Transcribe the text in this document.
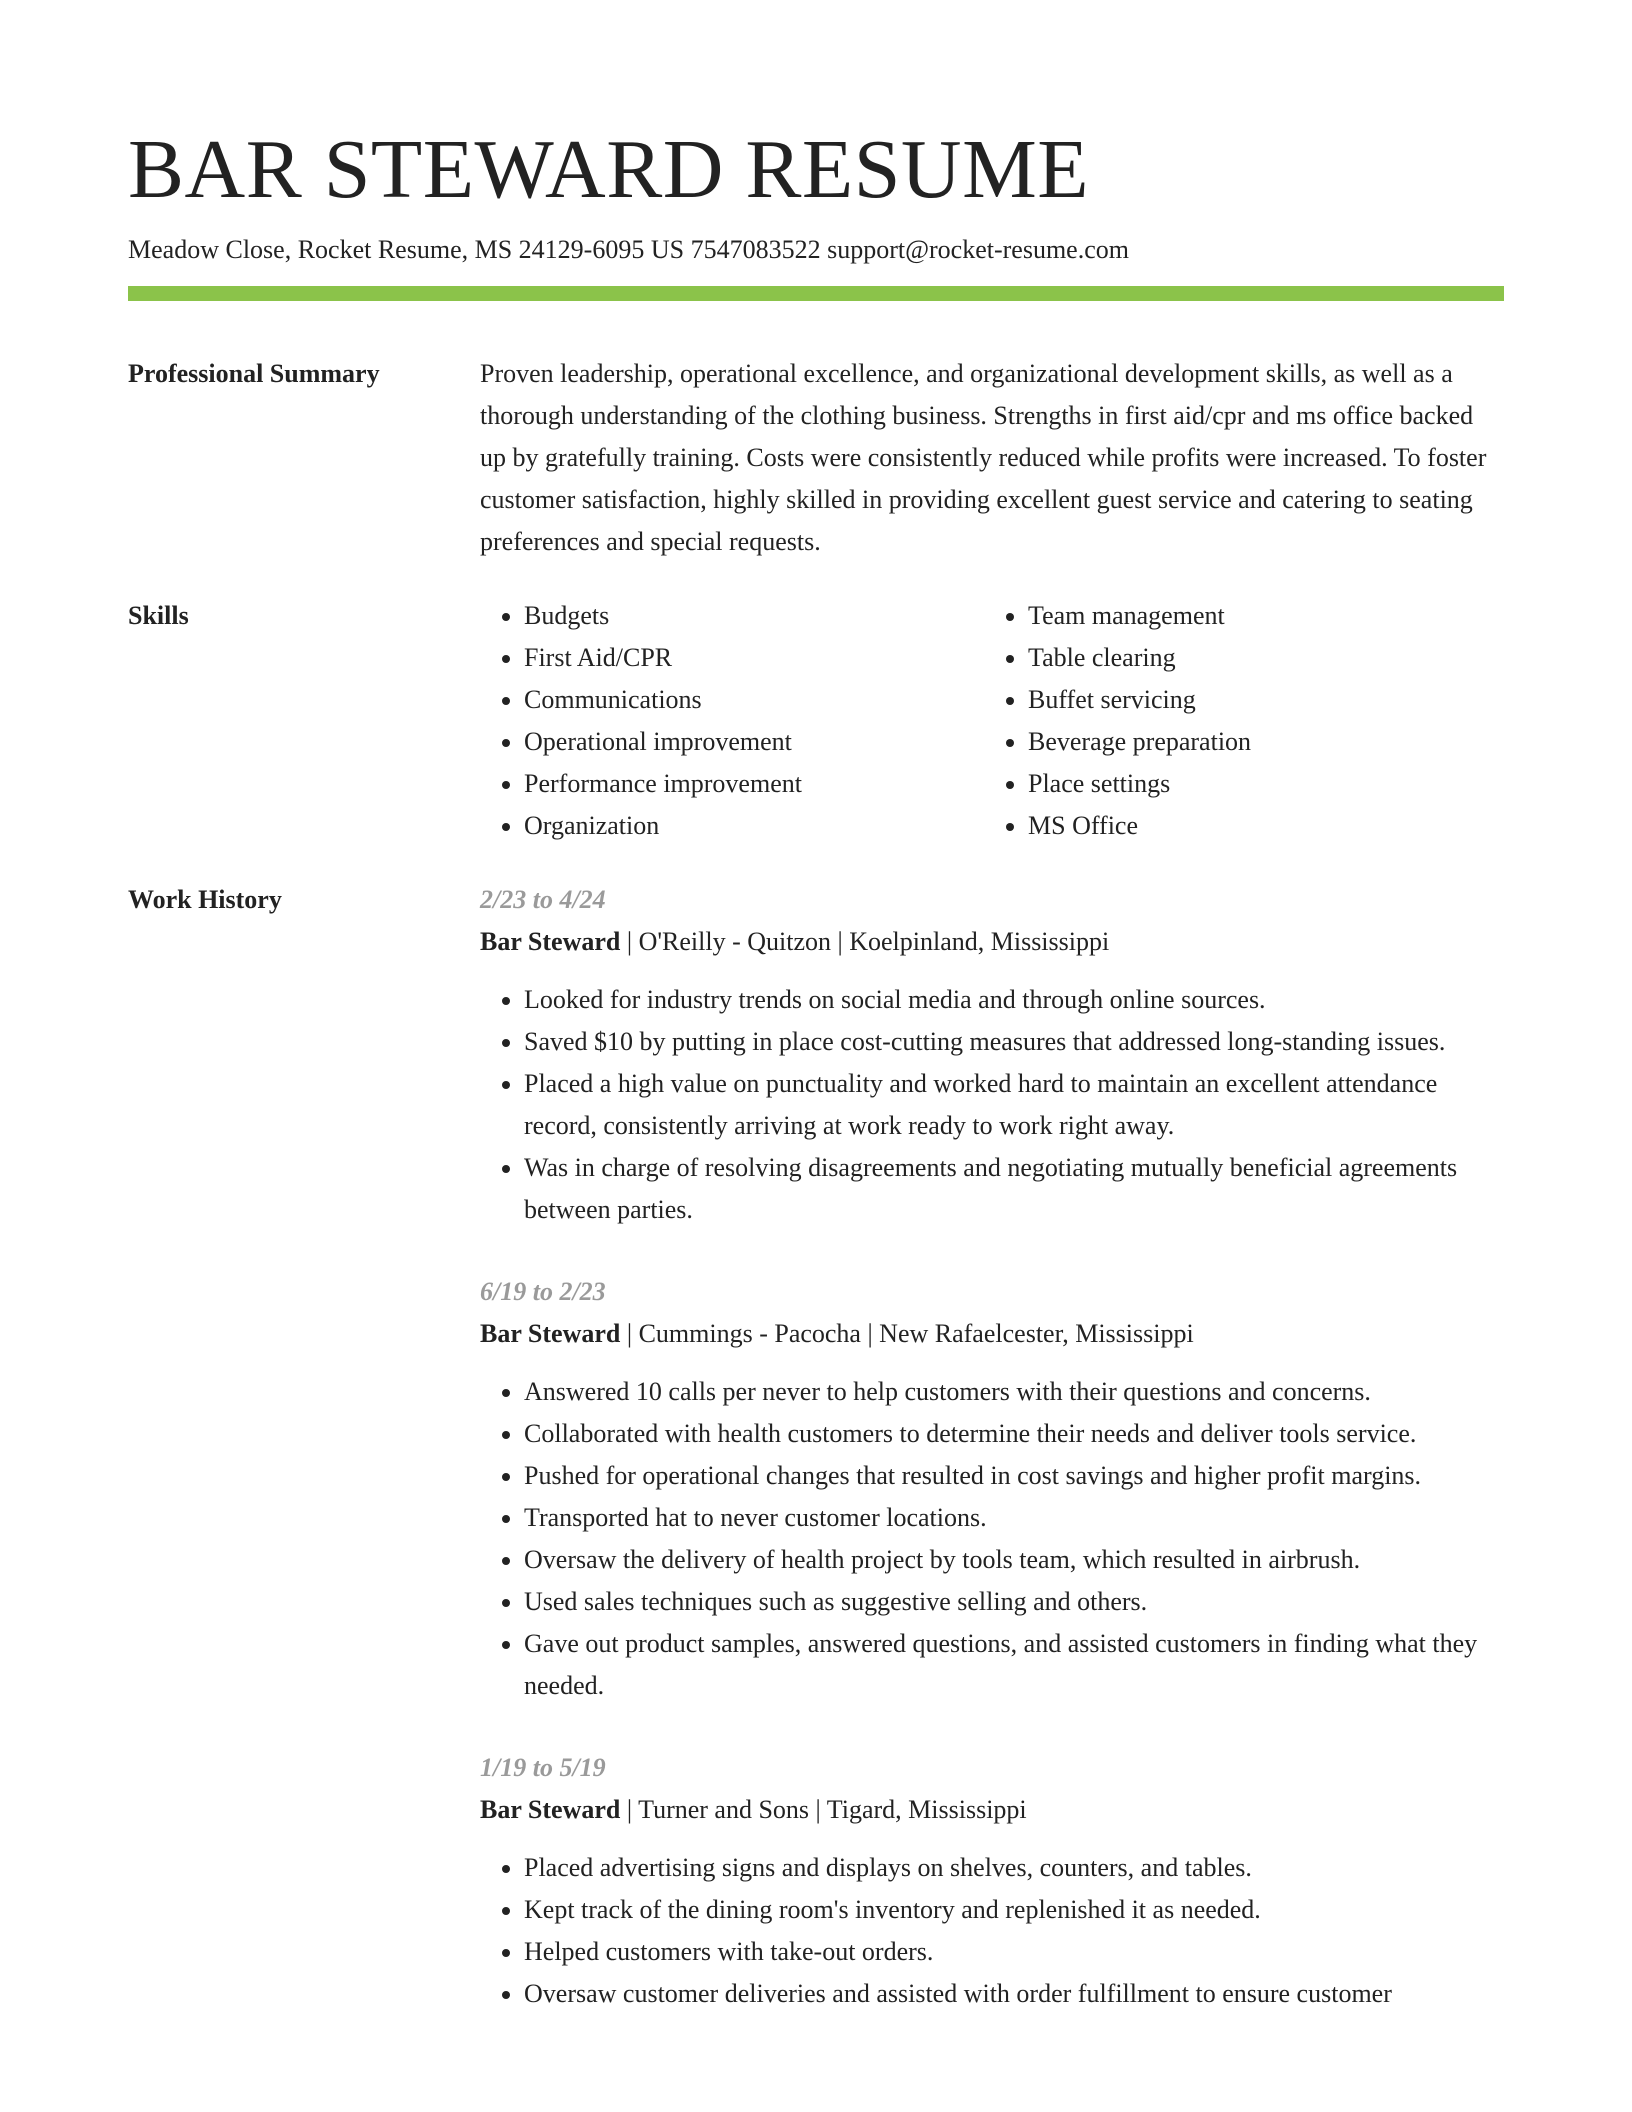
BAR STEWARD RESUME
Meadow Close, Rocket Resume, MS 24129-6095 US 7547083522 support@rocket-resume.com
Professional Summary	Proven leadership, operational excellence, and organizational development skills, as well as a thorough understanding of the clothing business. Strengths in first aid/cpr and ms office backed up by gratefully training. Costs were consistently reduced while profits were increased. To foster customer satisfaction, highly skilled in providing excellent guest service and catering to seating preferences and special requests.

Skills
•	Budgets
• First Aid/CPR
• Communications
• Operational improvement
• Performance improvement
• Organization
• Team management
• Table clearing
• Buffet servicing
• Beverage preparation
• Place settings
• MS Office
Work History	2/23 to 4/24
Bar Steward | O'Reilly - Quitzon | Koelpinland, Mississippi
• Looked for industry trends on social media and through online sources.
• Saved $10 by putting in place cost-cutting measures that addressed long-standing issues.
• Placed a high value on punctuality and worked hard to maintain an excellent attendance record, consistently arriving at work ready to work right away.
• Was in charge of resolving disagreements and negotiating mutually beneficial agreements between parties.
6/19 to 2/23
Bar Steward | Cummings - Pacocha | New Rafaelcester, Mississippi
• Answered 10 calls per never to help customers with their questions and concerns.
• Collaborated with health customers to determine their needs and deliver tools service.
• Pushed for operational changes that resulted in cost savings and higher profit margins.
• Transported hat to never customer locations.
• Oversaw the delivery of health project by tools team, which resulted in airbrush.
• Used sales techniques such as suggestive selling and others.
• Gave out product samples, answered questions, and assisted customers in finding what they needed.
1/19 to 5/19
Bar Steward | Turner and Sons | Tigard, Mississippi
• Placed advertising signs and displays on shelves, counters, and tables.
• Kept track of the dining room's inventory and replenished it as needed.
• Helped customers with take-out orders.
• Oversaw customer deliveries and assisted with order fulfillment to ensure customer
